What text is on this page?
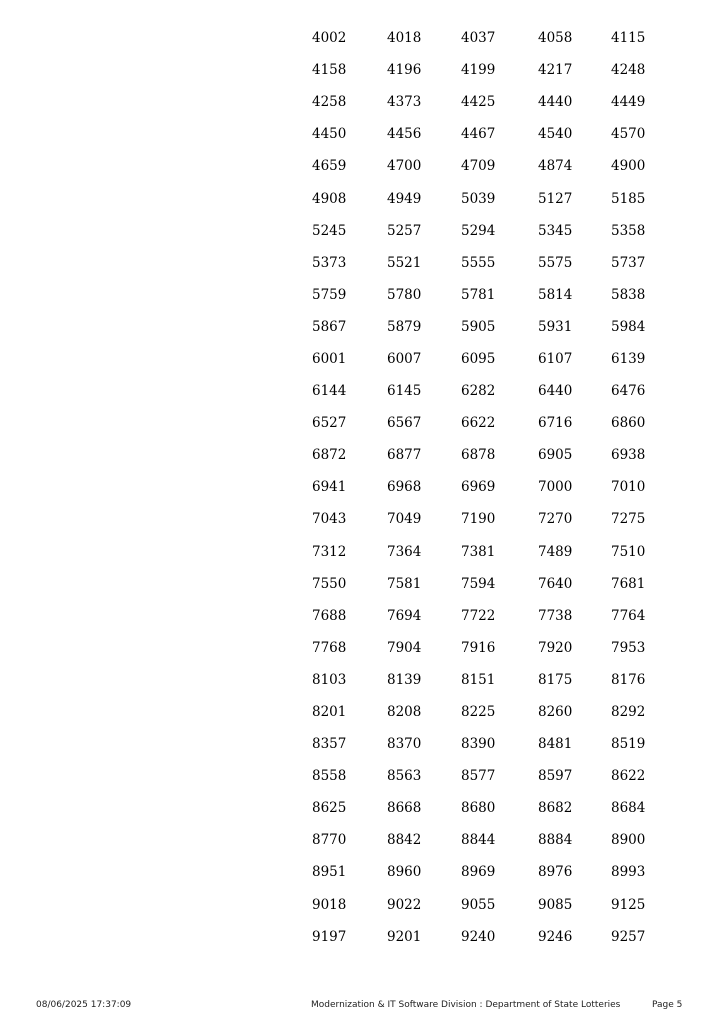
4002	4018	4037	4058	4115
4158	4196	4199	4217	4248
4258	4373	4425	4440	4449
4450	4456	4467	4540	4570
4659	4700	4709	4874	4900
4908	4949	5039	5127	5185
5245	5257	5294	5345	5358
5373	5521	5555	5575	5737
5759	5780	5781	5814	5838
5867	5879	5905	5931	5984
6001	6007	6095	6107	6139
6144	6145	6282	6440	6476
6527	6567	6622	6716	6860
6872	6877	6878	6905	6938
6941	6968	6969	7000	7010
7043	7049	7190	7270	7275
7312	7364	7381	7489	7510
7550	7581	7594	7640	7681
7688	7694	7722	7738	7764
7768	7904	7916	7920	7953
8103	8139	8151	8175	8176
8201	8208	8225	8260	8292
8357	8370	8390	8481	8519
8558	8563	8577	8597	8622
8625	8668	8680	8682	8684
8770	8842	8844	8884	8900
8951	8960	8969	8976	8993
9018	9022	9055	9085	9125
9197	9201	9240	9246	9257
08/06/2025 17:37:09	Modernization & IT Software Division : Department of State Lotteries	Page 5
